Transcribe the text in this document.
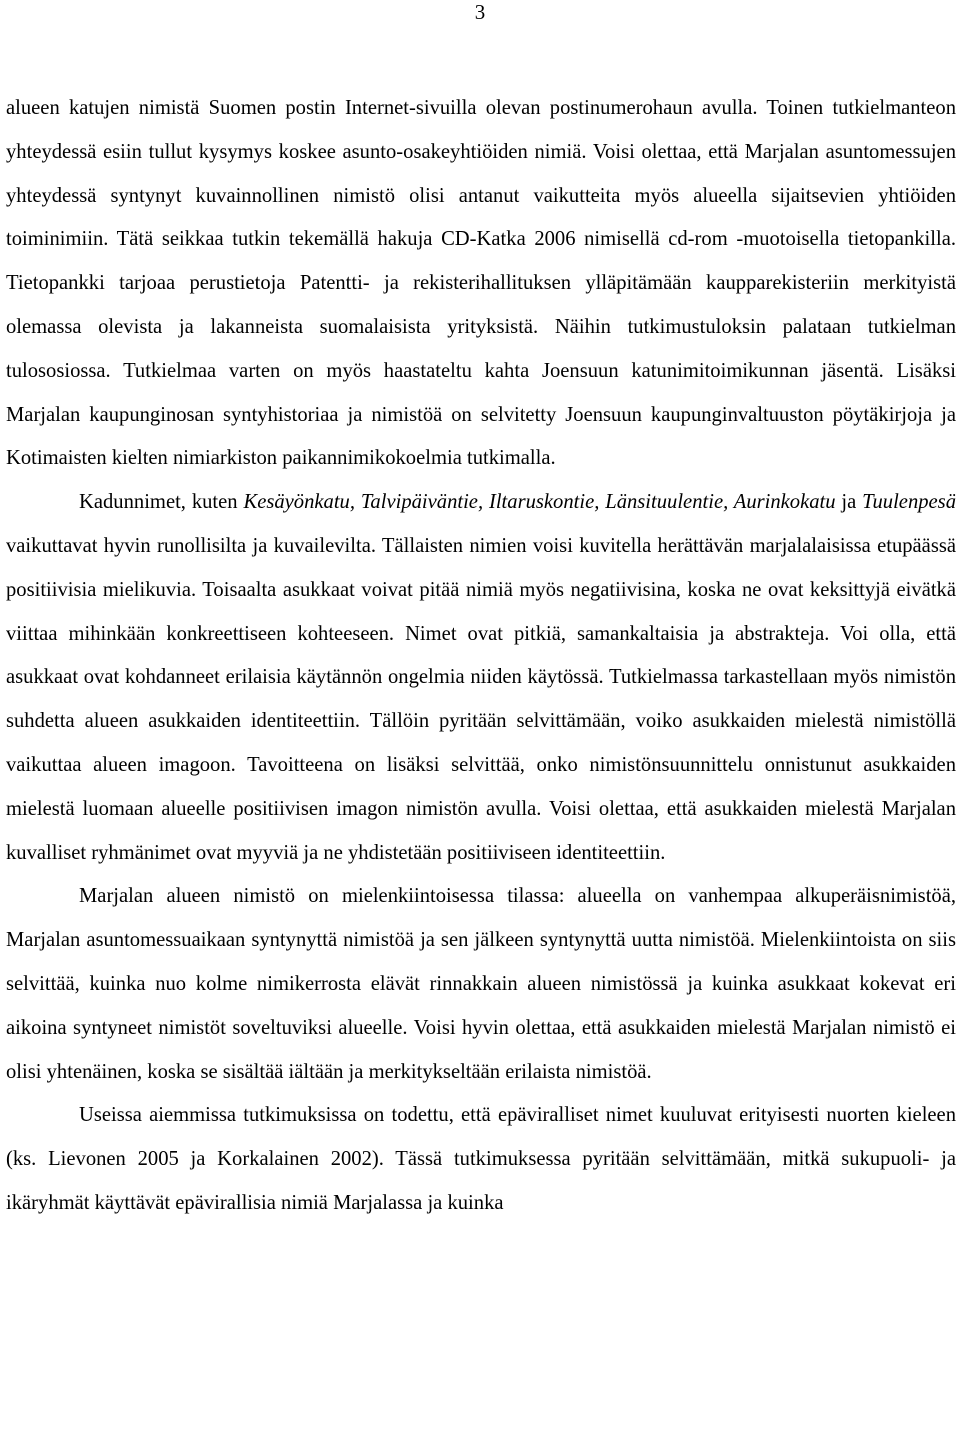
3

alueen katujen nimistä Suomen postin Internet-sivuilla olevan postinumerohaun avulla. Toinen tutkielmanteon yhteydessä esiin tullut kysymys koskee asunto-osakeyhtiöiden nimiä. Voisi olettaa, että Marjalan asuntomessujen yhteydessä syntynyt kuvainnollinen nimistö olisi antanut vaikutteita myös alueella sijaitsevien yhtiöiden toiminimiin. Tätä seikkaa tutkin tekemällä hakuja CD-Katka 2006 nimisellä cd-rom -muotoisella tietopankilla. Tietopankki tarjoaa perustietoja Patentti- ja rekisterihallituksen ylläpitämään kaupparekisteriin merkityistä olemassa olevista ja lakanneista suomalaisista yrityksistä. Näihin tutkimustuloksin palataan tutkielman tulososiossa. Tutkielmaa varten on myös haastateltu kahta Joensuun katunimitoimikunnan jäsentä. Lisäksi Marjalan kaupunginosan syntyhistoriaa ja nimistöä on selvitetty Joensuun kaupunginvaltuuston pöytäkirjoja ja Kotimaisten kielten nimiarkiston paikannimikokoelmia tutkimalla.

Kadunnimet, kuten Kesäyönkatu, Talvipäiväntie, Iltaruskontie, Länsituulentie, Aurinkokatu ja Tuulenpesä vaikuttavat hyvin runollisilta ja kuvailevilta. Tällaisten nimien voisi kuvitella herättävän marjalalaisissa etupäässä positiivisia mielikuvia. Toisaalta asukkaat voivat pitää nimiä myös negatiivisina, koska ne ovat keksittyjä eivätkä viittaa mihinkään konkreettiseen kohteeseen. Nimet ovat pitkiä, samankaltaisia ja abstrakteja. Voi olla, että asukkaat ovat kohdanneet erilaisia käytännön ongelmia niiden käytössä. Tutkielmassa tarkastellaan myös nimistön suhdetta alueen asukkaiden identiteettiin. Tällöin pyritään selvittämään, voiko asukkaiden mielestä nimistöllä vaikuttaa alueen imagoon. Tavoitteena on lisäksi selvittää, onko nimistönsuunnittelu onnistunut asukkaiden mielestä luomaan alueelle positiivisen imagon nimistön avulla. Voisi olettaa, että asukkaiden mielestä Marjalan kuvalliset ryhmänimet ovat myyviä ja ne yhdistetään positiiviseen identiteettiin.

Marjalan alueen nimistö on mielenkiintoisessa tilassa: alueella on vanhempaa alkuperäisnimistöä, Marjalan asuntomessuaikaan syntynyttä nimistöä ja sen jälkeen syntynyttä uutta nimistöä. Mielenkiintoista on siis selvittää, kuinka nuo kolme nimikerrosta elävät rinnakkain alueen nimistössä ja kuinka asukkaat kokevat eri aikoina syntyneet nimistöt soveltuviksi alueelle. Voisi hyvin olettaa, että asukkaiden mielestä Marjalan nimistö ei olisi yhtenäinen, koska se sisältää iältään ja merkitykseltään erilaista nimistöä.

Useissa aiemmissa tutkimuksissa on todettu, että epäviralliset nimet kuuluvat erityisesti nuorten kieleen (ks. Lievonen 2005 ja Korkalainen 2002). Tässä tutkimuksessa pyritään selvittämään, mitkä sukupuoli- ja ikäryhmät käyttävät epävirallisia nimiä Marjalassa ja kuinka
